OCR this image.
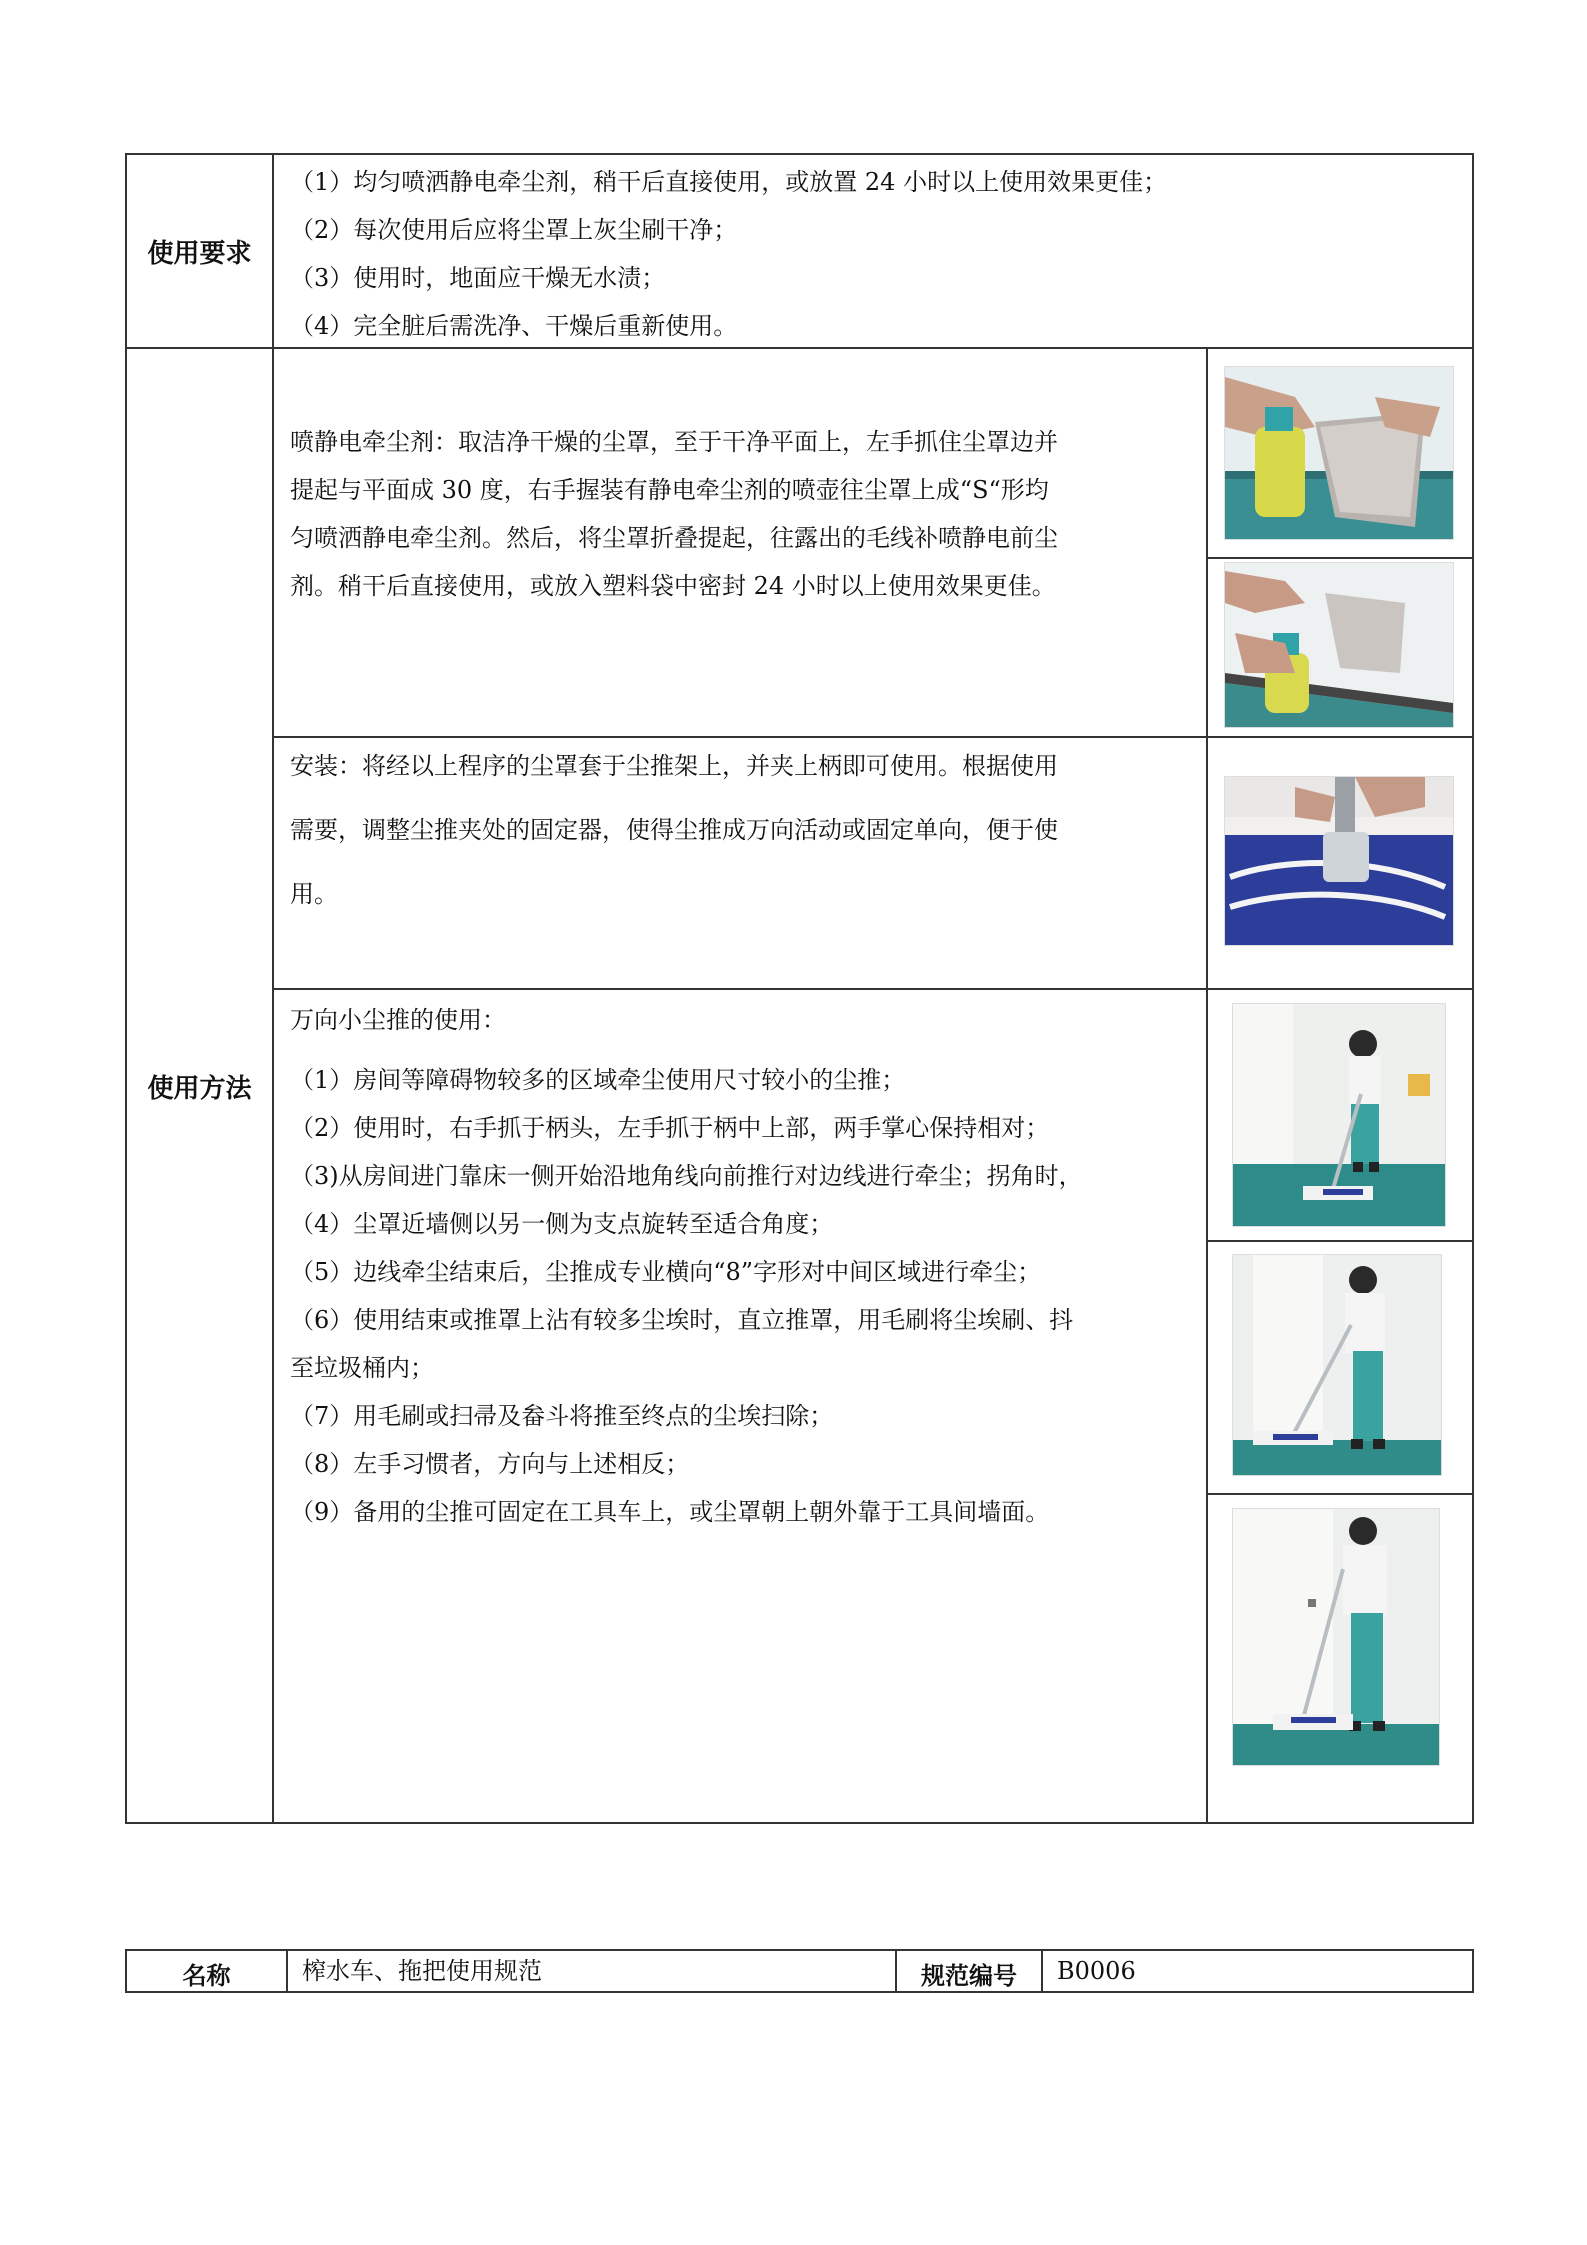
使用要求
（1）均匀喷洒静电牵尘剂，稍干后直接使用，或放置 24 小时以上使用效果更佳；
（2）每次使用后应将尘罩上灰尘刷干净；
（3）使用时，地面应干燥无水渍；
（4）完全脏后需洗净、干燥后重新使用。
使用方法
喷静电牵尘剂：取洁净干燥的尘罩，至于干净平面上，左手抓住尘罩边并
提起与平面成 30 度，右手握装有静电牵尘剂的喷壶往尘罩上成“S“形均
匀喷洒静电牵尘剂。然后，将尘罩折叠提起，往露出的毛线补喷静电前尘
剂。稍干后直接使用，或放入塑料袋中密封 24 小时以上使用效果更佳。
安装：将经以上程序的尘罩套于尘推架上，并夹上柄即可使用。根据使用
需要，调整尘推夹处的固定器，使得尘推成万向活动或固定单向，便于使
用。
万向小尘推的使用：
（1）房间等障碍物较多的区域牵尘使用尺寸较小的尘推；
（2）使用时，右手抓于柄头，左手抓于柄中上部，两手掌心保持相对；
（3)从房间进门靠床一侧开始沿地角线向前推行对边线进行牵尘；拐角时，
（4）尘罩近墙侧以另一侧为支点旋转至适合角度；
（5）边线牵尘结束后，尘推成专业横向“8”字形对中间区域进行牵尘；
（6）使用结束或推罩上沾有较多尘埃时，直立推罩，用毛刷将尘埃刷、抖
至垃圾桶内；
（7）用毛刷或扫帚及畚斗将推至终点的尘埃扫除；
（8）左手习惯者，方向与上述相反；
（9）备用的尘推可固定在工具车上，或尘罩朝上朝外靠于工具间墙面。
名称	榨水车、拖把使用规范	规范编号	B0006
